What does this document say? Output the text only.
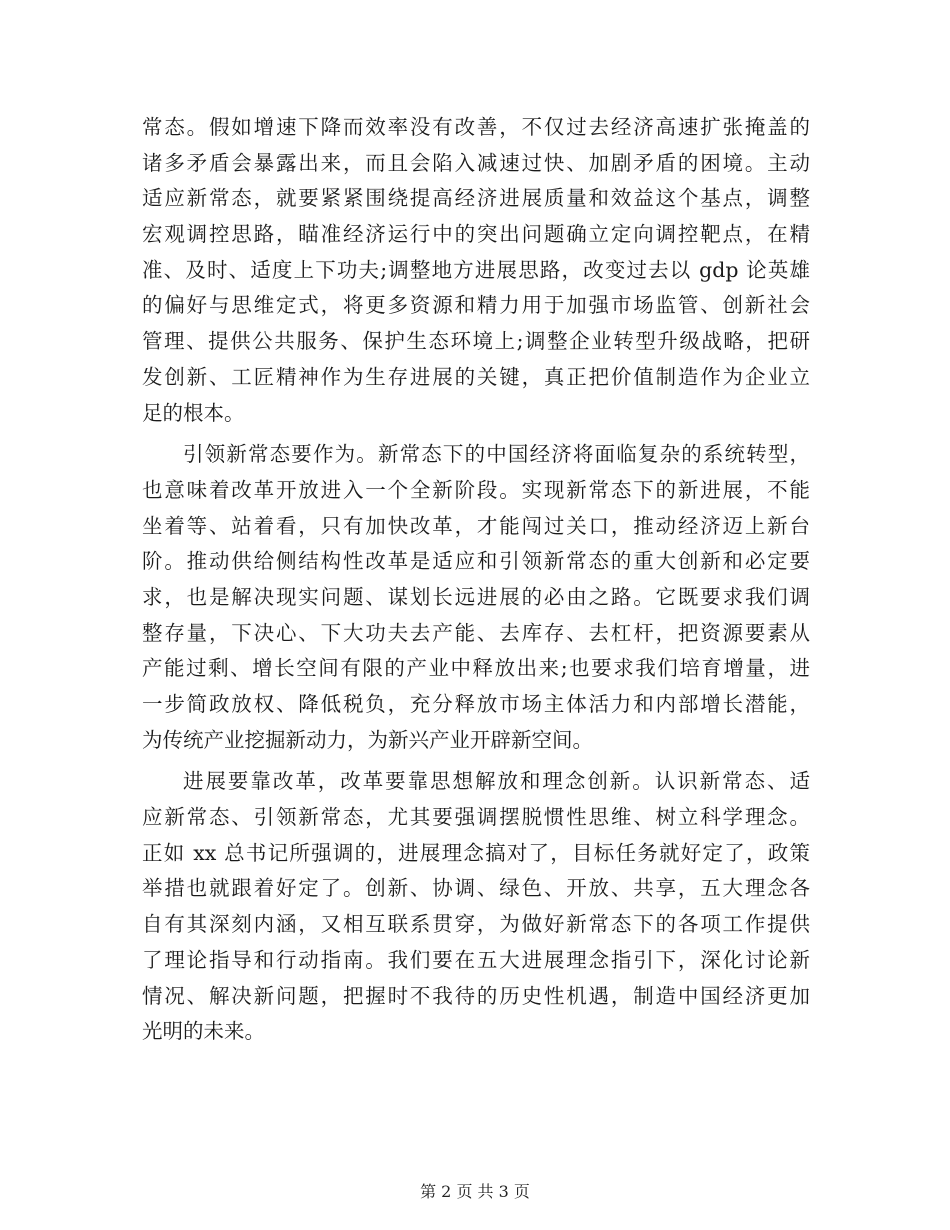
常态。假如增速下降而效率没有改善，不仅过去经济高速扩张掩盖的
诸多矛盾会暴露出来，而且会陷入减速过快、加剧矛盾的困境。主动
适应新常态，就要紧紧围绕提高经济进展质量和效益这个基点，调整
宏观调控思路，瞄准经济运行中的突出问题确立定向调控靶点，在精
准、及时、适度上下功夫;调整地方进展思路，改变过去以 gdp 论英雄
的偏好与思维定式，将更多资源和精力用于加强市场监管、创新社会
管理、提供公共服务、保护生态环境上;调整企业转型升级战略，把研
发创新、工匠精神作为生存进展的关键，真正把价值制造作为企业立
足的根本。
引领新常态要作为。新常态下的中国经济将面临复杂的系统转型，
也意味着改革开放进入一个全新阶段。实现新常态下的新进展，不能
坐着等、站着看，只有加快改革，才能闯过关口，推动经济迈上新台
阶。推动供给侧结构性改革是适应和引领新常态的重大创新和必定要
求，也是解决现实问题、谋划长远进展的必由之路。它既要求我们调
整存量，下决心、下大功夫去产能、去库存、去杠杆，把资源要素从
产能过剩、增长空间有限的产业中释放出来;也要求我们培育增量，进
一步简政放权、降低税负，充分释放市场主体活力和内部增长潜能，
为传统产业挖掘新动力，为新兴产业开辟新空间。
进展要靠改革，改革要靠思想解放和理念创新。认识新常态、适
应新常态、引领新常态，尤其要强调摆脱惯性思维、树立科学理念。
正如 xx 总书记所强调的，进展理念搞对了，目标任务就好定了，政策
举措也就跟着好定了。创新、协调、绿色、开放、共享，五大理念各
自有其深刻内涵，又相互联系贯穿，为做好新常态下的各项工作提供
了理论指导和行动指南。我们要在五大进展理念指引下，深化讨论新
情况、解决新问题，把握时不我待的历史性机遇，制造中国经济更加
光明的未来。
第 2 页 共 3 页
